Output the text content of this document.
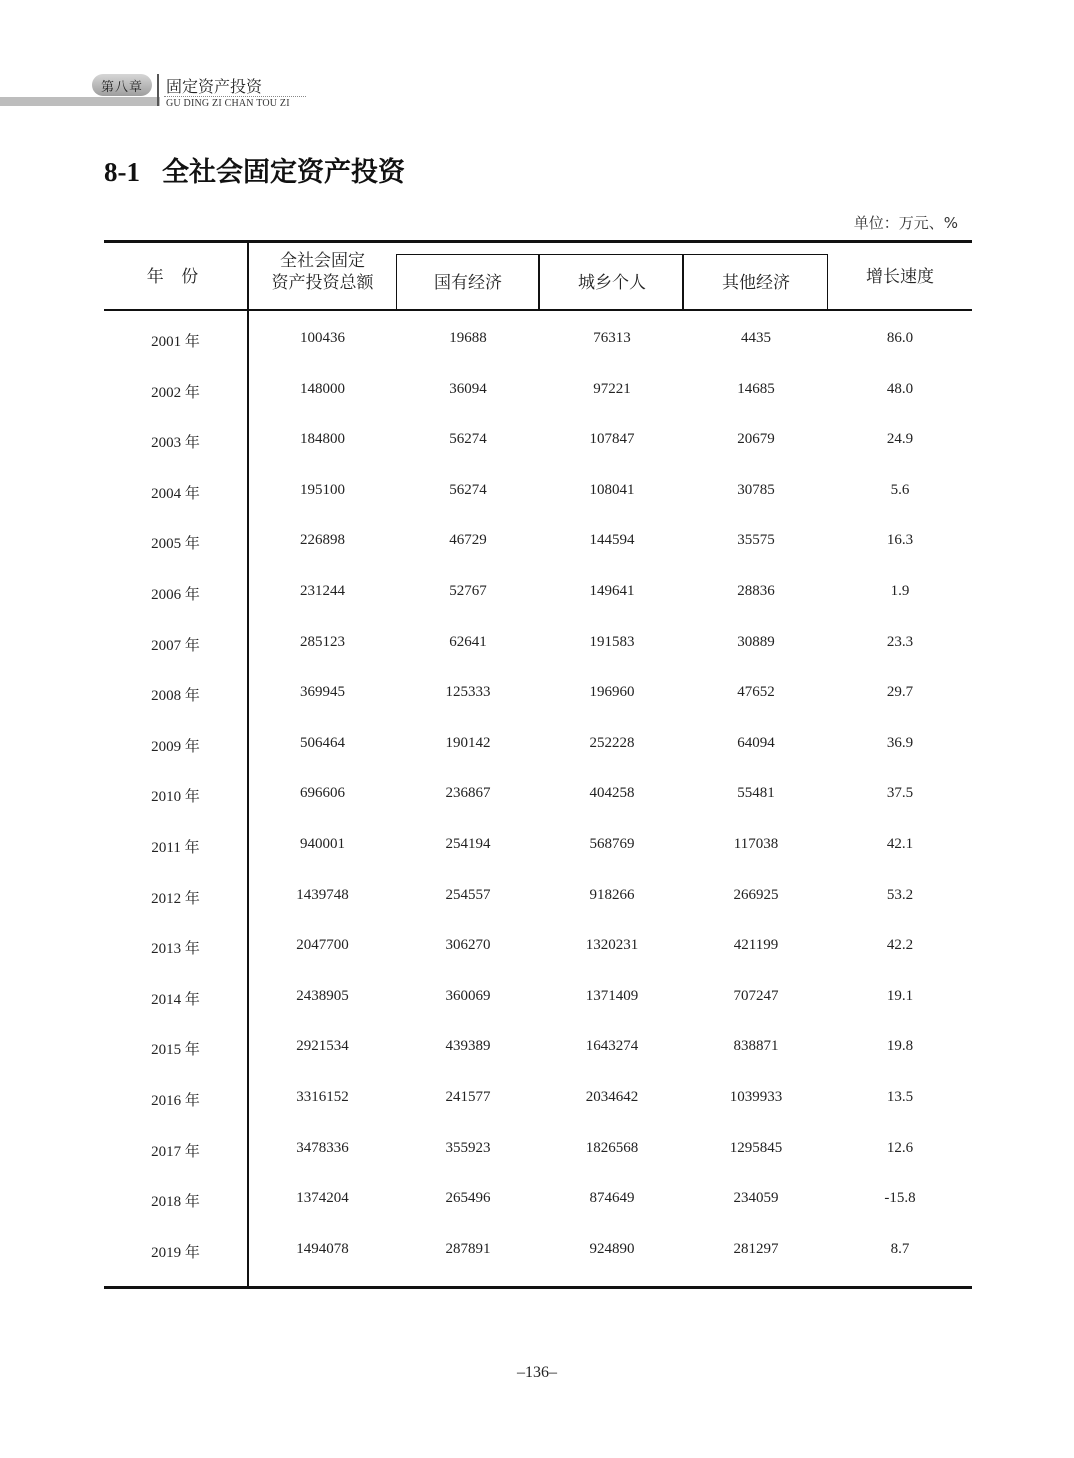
第八章	固定资产投资
GU DING ZI CHAN TOU ZI
8-1 全社会固定资产投资
单位：万元、%
年 份
全社会固定
资产投资总额	国有经济	城乡个人	其他经济	增长速度
2001 年	100436	19688	76313	4435	86.0
2002 年	148000	36094	97221	14685	48.0
2003 年	184800	56274	107847	20679	24.9
2004 年	195100	56274	108041	30785	5.6
2005 年	226898	46729	144594	35575	16.3
2006 年	231244	52767	149641	28836	1.9
2007 年	285123	62641	191583	30889	23.3
2008 年	369945	125333	196960	47652	29.7
2009 年	506464	190142	252228	64094	36.9
2010 年	696606	236867	404258	55481	37.5
2011 年	940001	254194	568769	117038	42.1
2012 年	1439748	254557	918266	266925	53.2
2013 年	2047700	306270	1320231	421199	42.2
2014 年	2438905	360069	1371409	707247	19.1
2015 年	2921534	439389	1643274	838871	19.8
2016 年	3316152	241577	2034642	1039933	13.5
2017 年	3478336	355923	1826568	1295845	12.6
2018 年	1374204	265496	874649	234059	-15.8
2019 年	1494078	287891	924890	281297	8.7
–136–
